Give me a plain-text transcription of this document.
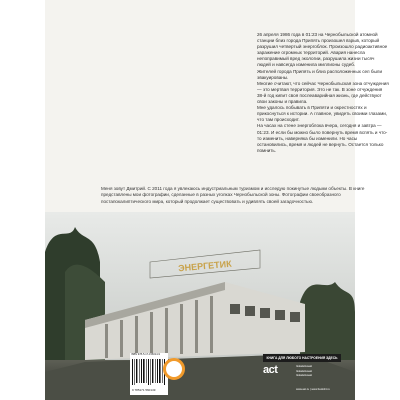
26 апреля 1986 года в 01:23 на Чернобыльской атомной станции близ города Припять произошел взрыв, который разрушил четвертый энергоблок. Произошло радиоактивное заражение огромных территорий. Авария нанесла непоправимый вред экологии, разрушила жизни тысяч людей и навсегда изменила миллионы судеб.

Жителей города Припять и близ расположенных сел были эвакуированы.

Многие считают, что сейчас Чернобыльская зона отчуждения — это мертвая территория. Это не так. В зоне отчуждения 38-й год кипит своя послеаварийная жизнь, где действуют свои законы и правила.

Мне удалось побывать в Припяти и окрестностях и прикоснуться к истории. А главное, увидеть своими глазами, что там происходит.

На часах на стене энергоблока вчера, сегодня и завтра — 01:23. И если бы можно было повернуть время вспять и что-то изменить, наверняка бы изменили. Но часы остановились, время и людей не вернуть. Остается только помнить.

Меня зовут Дмитрий. С 2011 года я увлекаюсь индустриальным туризмом и исследую покинутые людьми объекты. В книге представлены мои фотографии, сделанные в разных уголках Чернобыльской зоны. Фотографии своеобразного постапокалиптического мира, который продолжает существовать и удивлять своей загадочностью.

ЭНЕРГЕТИК
ISBN 978-5-17-156014-9
9 785171 560149
КНИГА ДЛЯ ЛЮБОГО НАСТРОЕНИЯ ЗДЕСЬ
act	/lokatsiivoast
/lokatsiivoast
/lokatsiivoast
www.ast.ru | www.book24.ru
